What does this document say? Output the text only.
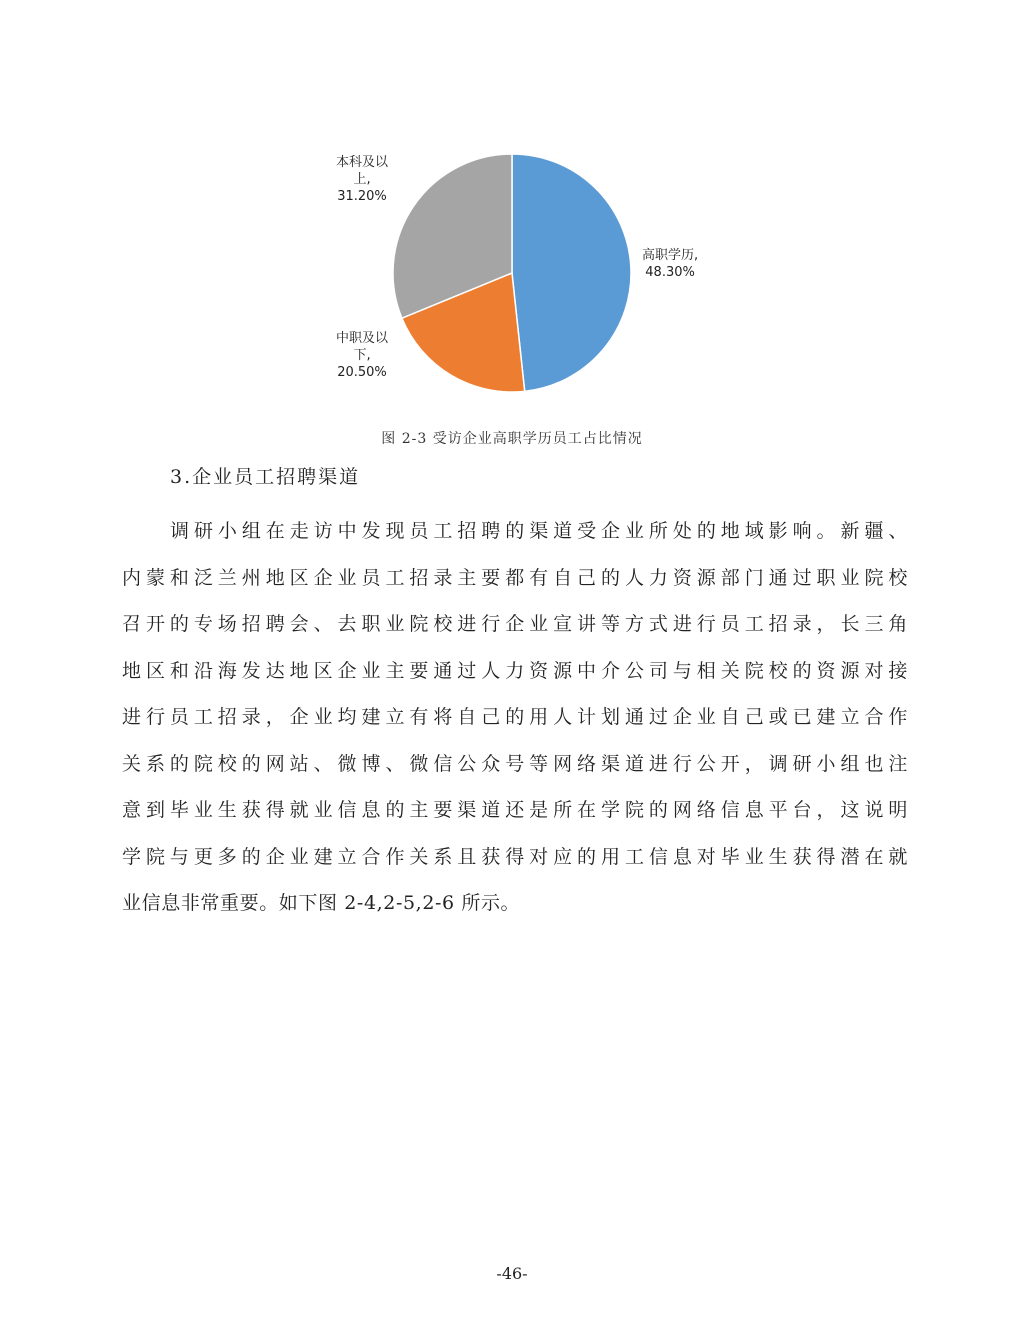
高职学历,
48.30%
本科及以
上,
31.20%
中职及以
下,
20.50%
图 2-3 受访企业高职学历员工占比情况
3.企业员工招聘渠道
调研小组在走访中发现员工招聘的渠道受企业所处的地域影响。新疆、
内蒙和泛兰州地区企业员工招录主要都有自己的人力资源部门通过职业院校
召开的专场招聘会、去职业院校进行企业宣讲等方式进行员工招录，长三角
地区和沿海发达地区企业主要通过人力资源中介公司与相关院校的资源对接
进行员工招录，企业均建立有将自己的用人计划通过企业自己或已建立合作
关系的院校的网站、微博、微信公众号等网络渠道进行公开，调研小组也注
意到毕业生获得就业信息的主要渠道还是所在学院的网络信息平台，这说明
学院与更多的企业建立合作关系且获得对应的用工信息对毕业生获得潜在就
业信息非常重要。如下图 2-4,2-5,2-6 所示。
-46-
